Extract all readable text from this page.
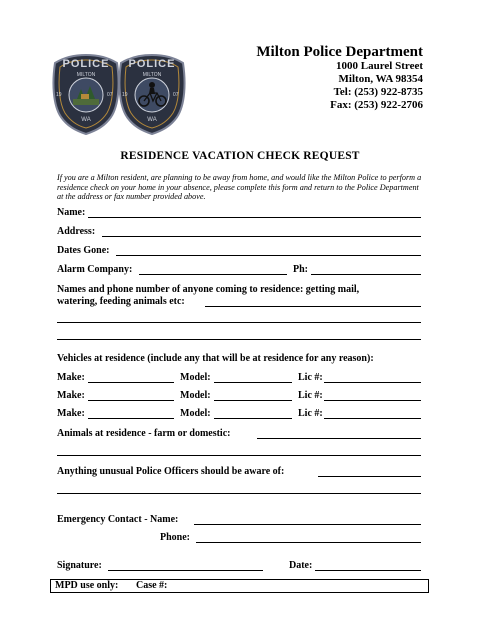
POLICE
MILTON
19	07
WA
POLICE
MILTON
19	07
WA
Milton Police Department
1000 Laurel Street
Milton, WA 98354
Tel: (253) 922-8735
Fax: (253) 922-2706
RESIDENCE VACATION CHECK REQUEST
If you are a Milton resident, are planning to be away from home, and would like the Milton Police to perform a residence check on your home in your absence, please complete this form and return to the Police Department at the address or fax number provided above.
Name:
Address:
Dates Gone:
Alarm Company:	Ph:
Names and phone number of anyone coming to residence: getting mail,
watering, feeding animals etc:
Vehicles at residence (include any that will be at residence for any reason):
Make:	Model:	Lic #:
Make:	Model:	Lic #:
Make:	Model:	Lic #:
Animals at residence - farm or domestic:
Anything unusual Police Officers should be aware of:
Emergency Contact - Name:
Phone:
Signature:	Date:
MPD use only: Case #:
